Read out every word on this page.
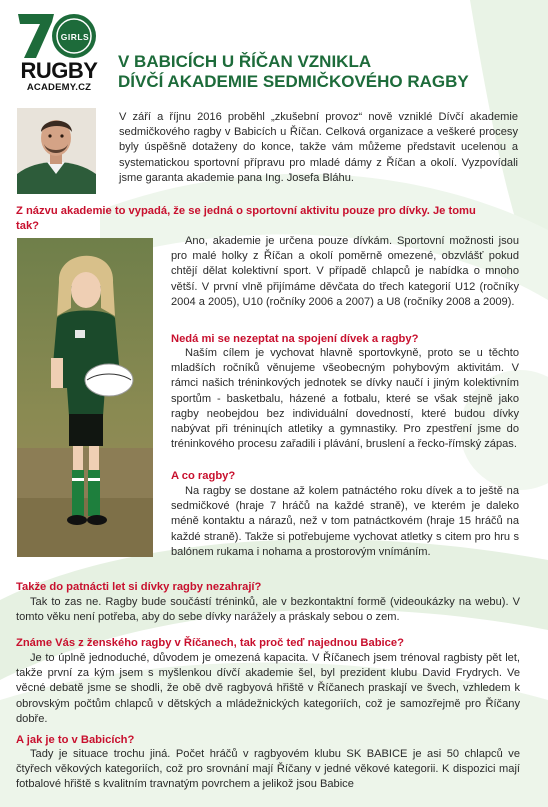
GIRLS
RUGBY
ACADEMY.CZ
V BABICÍCH U ŘÍČAN VZNIKLA
DÍVČÍ AKADEMIE SEDMIČKOVÉHO RAGBY
V září a říjnu 2016 proběhl „zkušební provoz“ nově vzniklé Dívčí akademie sedmičkového ragby v Babicích u Říčan. Celková organizace a veškeré procesy byly úspěšně dotaženy do konce, takže vám můžeme představit ucelenou a systematickou sportovní přípravu pro mladé dámy z Říčan a okolí. Vyzpovídali jsme garanta akademie pana Ing. Josefa Bláhu.
Z názvu akademie to vypadá, že se jedná o sportovní aktivitu pouze pro dívky. Je tomu tak?
Ano, akademie je určena pouze dívkám. Sportovní možnosti jsou pro malé holky z Říčan a okolí poměrně omezené, obzvlášť pokud chtějí dělat kolektivní sport. V případě chlapců je nabídka o mnoho větší. V první vlně přijímáme děvčata do třech kategorií U12 (ročníky 2004 a 2005), U10 (ročníky 2006 a 2007) a U8 (ročníky 2008 a 2009).
Nedá mi se nezeptat na spojení dívek a ragby?
Naším cílem je vychovat hlavně sportovkyně, proto se u těchto mladších ročníků věnujeme všeobecným pohybovým aktivitám. V rámci našich tréninkových jednotek se dívky naučí i jiným kolektivním sportům - basketbalu, házené a fotbalu, které se však stejně jako ragby neobejdou bez individuální dovedností, které budou dívky nabývat při tréninцích atletiky a gymnastiky. Pro zpestření jsme do tréninkového procesu zařadili i plávání, bruslení a řecko-římský zápas.
A co ragby?
Na ragby se dostane až kolem patnáctého roku dívek a to ještě na sedmičkové (hraje 7 hráčů na každé straně), ve kterém je daleko méně kontaktu a nárazů, než v tom patnáctkovém (hraje 15 hráčů na každé straně). Takže si potřebujeme vychovat atletky s citem pro hru s balónem rukama i nohama a prostorovým vnímáním.
Takže do patnácti let si dívky ragby nezahrají?
Tak to zas ne. Ragby bude součástí tréninků, ale v bezkontaktní formě (videoukázky na webu). V tomto věku není potřeba, aby do sebe dívky narážely a práskaly sebou o zem.
Známe Vás z ženského ragby v Říčanech, tak proč teď najednou Babice?
Je to úplně jednoduché, důvodem je omezená kapacita. V Říčanech jsem trénoval ragbisty pět let, takže první za kým jsem s myšlenkou dívčí akademie šel, byl prezident klubu David Frydrych. Ve věcné debatě jsme se shodli, že obě dvě ragbyová hřiště v Říčanech praskají ve švech, vzhledem k obrovským počtům chlapců v dětských a mládežnických kategoriích, což je samozřejmě pro Říčany dobře.
A jak je to v Babicích?
Tady je situace trochu jiná. Počet hráčů v ragbyovém klubu SK BABICE je asi 50 chlapců ve čtyřech věkových kategoriích, což pro srovnání mají Říčany v jedné věkové kategorii. K dispozici mají fotbalové hřiště s kvalitním travnatým povrchem a jelikož jsou Babice
